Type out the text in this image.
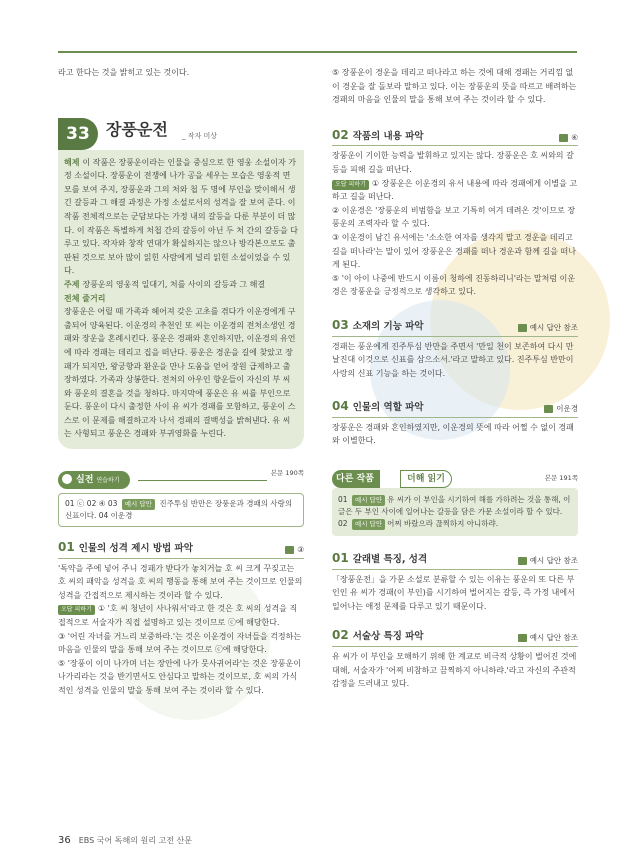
라고 한다는 것을 밝히고 있는 것이다.

33	장풍운전 _ 작자 미상

해제 이 작품은 장풍운이라는 인물을 중심으로 한 영웅 소설이자 가정 소설이다. 장풍운이 전쟁에 나가 공을 세우는 모습은 영웅적 면모를 보여 주지, 장풍운과 그의 처와 첩 두 명에 부인을 맞이해서 생긴 갈등과 그 해결 과정은 가정 소설로서의 성격을 잘 보여 준다. 이 작품 전체적으로는 군담보다는 가정 내의 갈등을 다룬 부분이 더 많다. 이 작품은 특별하게 처첩 간의 갈등이 아닌 두 처 간의 갈등을 다루고 있다. 작자와 창작 연대가 확실하지는 않으나 방각본으로도 출판된 것으로 보아 많이 읽힌 사람에게 널리 읽힌 소설이었을 수 있다.

주제 장풍운의 영웅적 일대기, 처를 사이의 갈등과 그 해결

전체 줄거리

장풍운은 어릴 때 가족과 헤어져 갖은 고초를 겪다가 이운경에게 구출되어 양육된다. 이운경의 추천인 또 씨는 이운경의 전처소생인 경패와 장운을 혼례시킨다. 풍운은 경패와 혼인하지만, 이운경의 유언에 따라 경패는 데리고 집을 떠난다. 풍운은 경운을 길에 찾았고 장패가 되지만, 왕궁향과 환운을 만나 도움을 얻어 장원 급제하고 출장하였다. 가족과 상봉한다. 전처의 아우인 향운들이 자신의 부 씨와 풍운의 결혼을 것을 청하다. 마지막에 풍운은 유 씨를 부인으로 둔다. 풍운이 다시 출정한 사이 유 씨가 경패를 모함하고, 풍운이 스스로 이 문제를 해결하고자 나서 경패의 결백성을 밝혀낸다. 유 씨는 사형되고 풍운은 경패와 부귀영화를 누린다.

실전 연습하기
본문 190쪽
01 ⓒ 02 ④ 03 예시 답안 진주투심 반만은 장풍운과 경패의 사랑의 신표이다. 04 이운경
01 인물의 성격 제시 방법 파악	③

'독약을 주에 넣어 주니 경패가 받다가 놓치거늘 호 씨 크게 꾸짖고는 호 씨의 패악을 성격을 호 씨의 행동을 통해 보여 주는 것이므로 인물의 성격을 간접적으로 제시하는 것이라 할 수 있다.

오답 피하기 ① '호 씨 청년이 사나워서'라고 한 것은 호 씨의 성격을 직접적으로 서술자가 직접 설명하고 있는 것이므로 ⓒ에 해당한다.

③ '어린 자녀를 거느리 보중하라.'는 것은 이운경이 자녀들을 걱정하는 마음을 인물의 말을 통해 보여 주는 것이므로 ⓒ에 해당한다.

⑤ '장풍이 이미 나가며 너는 장안에 나가 뭇사귀어라'는 것은 장풍운이 나가리라는 것을 반기면서도 안심다고 말하는 것이므로, 호 씨의 가식적인 성격을 인물의 말을 통해 보여 주는 것이라 할 수 있다.

⑤ 장풍운이 경운을 데리고 떠나라고 하는 것에 대해 경패는 거리낌 없이 경운을 잘 돌보라 말하고 있다. 이는 장풍운의 뜻을 따르고 배려하는 경패의 마음을 인물의 말을 통해 보여 주는 것이라 할 수 있다.

02 작품의 내용 파악	④

장풍운이 기이한 능력을 발휘하고 있지는 않다. 장풍운은 호 씨와의 갈등을 피해 길을 떠난다.

오답 피하기 ① 장풍운은 이운경의 유서 내용에 따라 경패에게 이별을 고하고 길을 떠난다.

② 이운경은 '장풍운의 비범함을 보고 기특히 여겨 데려온 것'이므로 장풍운의 조력자라 할 수 있다.

③ 이운경이 남긴 유서에는 '소소한 여자를 생각지 말고 경운을 데리고 길을 떠나라'는 말이 있어 장풍운은 경패를 떠나 경운과 함께 길을 떠나게 된다.

⑤ '이 아이 나중에 반드시 이름이 청하에 진동하리니'라는 말처럼 이운경은 장풍운을 긍정적으로 생각하고 있다.

03 소재의 기능 파악	예시 답안 참조

경패는 풍운에게 진주투심 반만을 주면서 '만일 천이 보존하여 다시 만날진대 이것으로 신표를 삼으소서.'라고 말하고 있다. 진주투심 반만이 사랑의 신표 기능을 하는 것이다.

04 인물의 역할 파악	이운경

장풍운은 경패와 혼인하였지만, 이운경의 뜻에 따라 어쩔 수 없이 경패와 이별한다.

다른 작품	더해 읽기	본문 191쪽

01 예시 답안 유 씨가 이 부인을 시기하여 해를 가하려는 것을 통해, 이 글은 두 부인 사이에 일어나는 갈등을 담은 가문 소설이라 할 수 있다.

02 예시 답안 어찌 바랐으라 끊찍하지 아니하랴.

01 갈래별 특징, 성격	예시 답안 참조

「장풍운전」을 가문 소설로 분류할 수 있는 이유는 풍운의 또 다른 부인인 유 씨가 경패(이 부인)를 시기하여 벌어지는 갈등, 즉 가정 내에서 일어나는 애정 문제를 다루고 있기 때문이다.

02 서술상 특징 파악	예시 답안 참조

유 씨가 이 부인을 모해하기 위해 한 계교로 비극적 상황이 벌어진 것에 대해, 서술자가 '어찌 비참하고 끔찍하지 아니하랴.'라고 자신의 주관적 감정을 드러내고 있다.

36 EBS 국어 독해의 원리 고전 산문
